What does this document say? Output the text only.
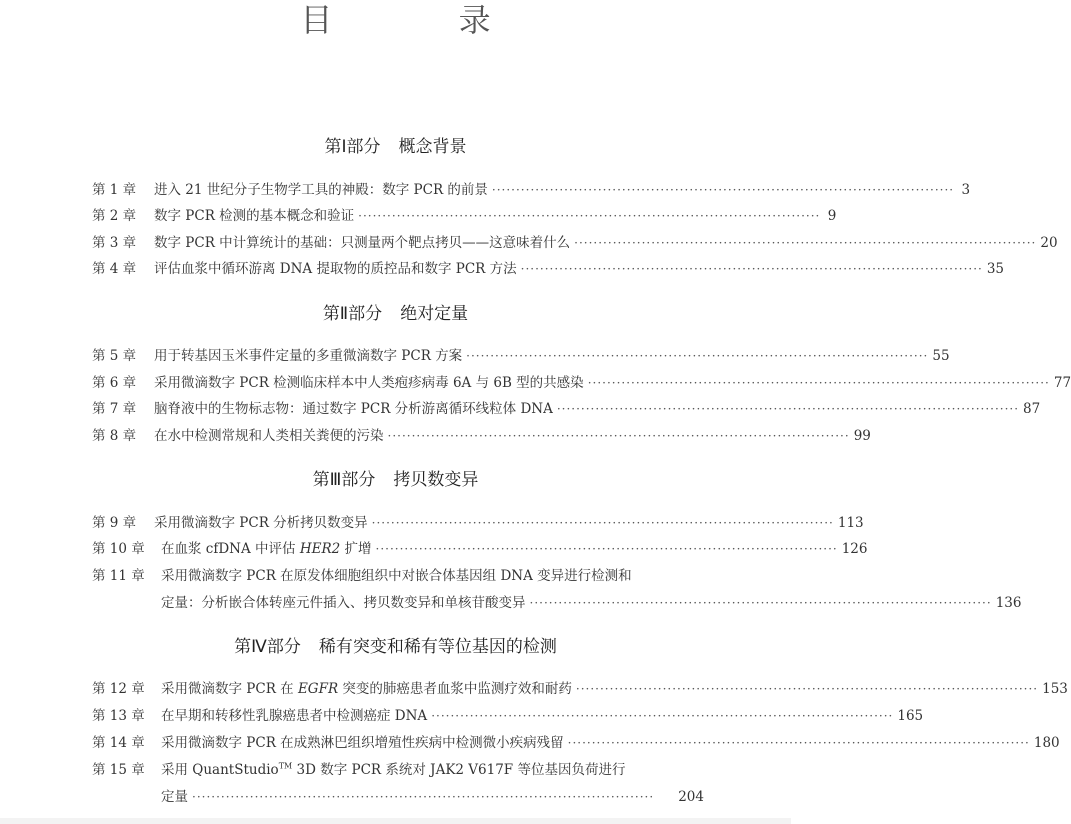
目 录
第Ⅰ部分 概念背景
第 1 章 进入 21 世纪分子生物学工具的神殿：数字 PCR 的前景 ·····	3
第 2 章 数字 PCR 检测的基本概念和验证 ·····	9
第 3 章 数字 PCR 中计算统计的基础：只测量两个靶点拷贝——这意味着什么 ·····	20
第 4 章 评估血浆中循环游离 DNA 提取物的质控品和数字 PCR 方法 ·····	35
第Ⅱ部分 绝对定量
第 5 章 用于转基因玉米事件定量的多重微滴数字 PCR 方案 ·····	55
第 6 章 采用微滴数字 PCR 检测临床样本中人类疱疹病毒 6A 与 6B 型的共感染 ·····	77
第 7 章 脑脊液中的生物标志物：通过数字 PCR 分析游离循环线粒体 DNA ·····	87
第 8 章 在水中检测常规和人类相关粪便的污染 ·····	99
第Ⅲ部分 拷贝数变异
第 9 章 采用微滴数字 PCR 分析拷贝数变异 ·····	113
第 10 章 在血浆 cfDNA 中评估 HER2 扩增 ·····	126
第 11 章 采用微滴数字 PCR 在原发体细胞组织中对嵌合体基因组 DNA 变异进行检测和
定量：分析嵌合体转座元件插入、拷贝数变异和单核苷酸变异 ·····	136
第Ⅳ部分 稀有突变和稀有等位基因的检测
第 12 章 采用微滴数字 PCR 在 EGFR 突变的肺癌患者血浆中监测疗效和耐药 ·····	153
第 13 章 在早期和转移性乳腺癌患者中检测癌症 DNA ·····	165
第 14 章 采用微滴数字 PCR 在成熟淋巴组织增殖性疾病中检测微小疾病残留 ·····	180
第 15 章 采用 QuantStudio™ 3D 数字 PCR 系统对 JAK2 V617F 等位基因负荷进行
定量 ·····	204
